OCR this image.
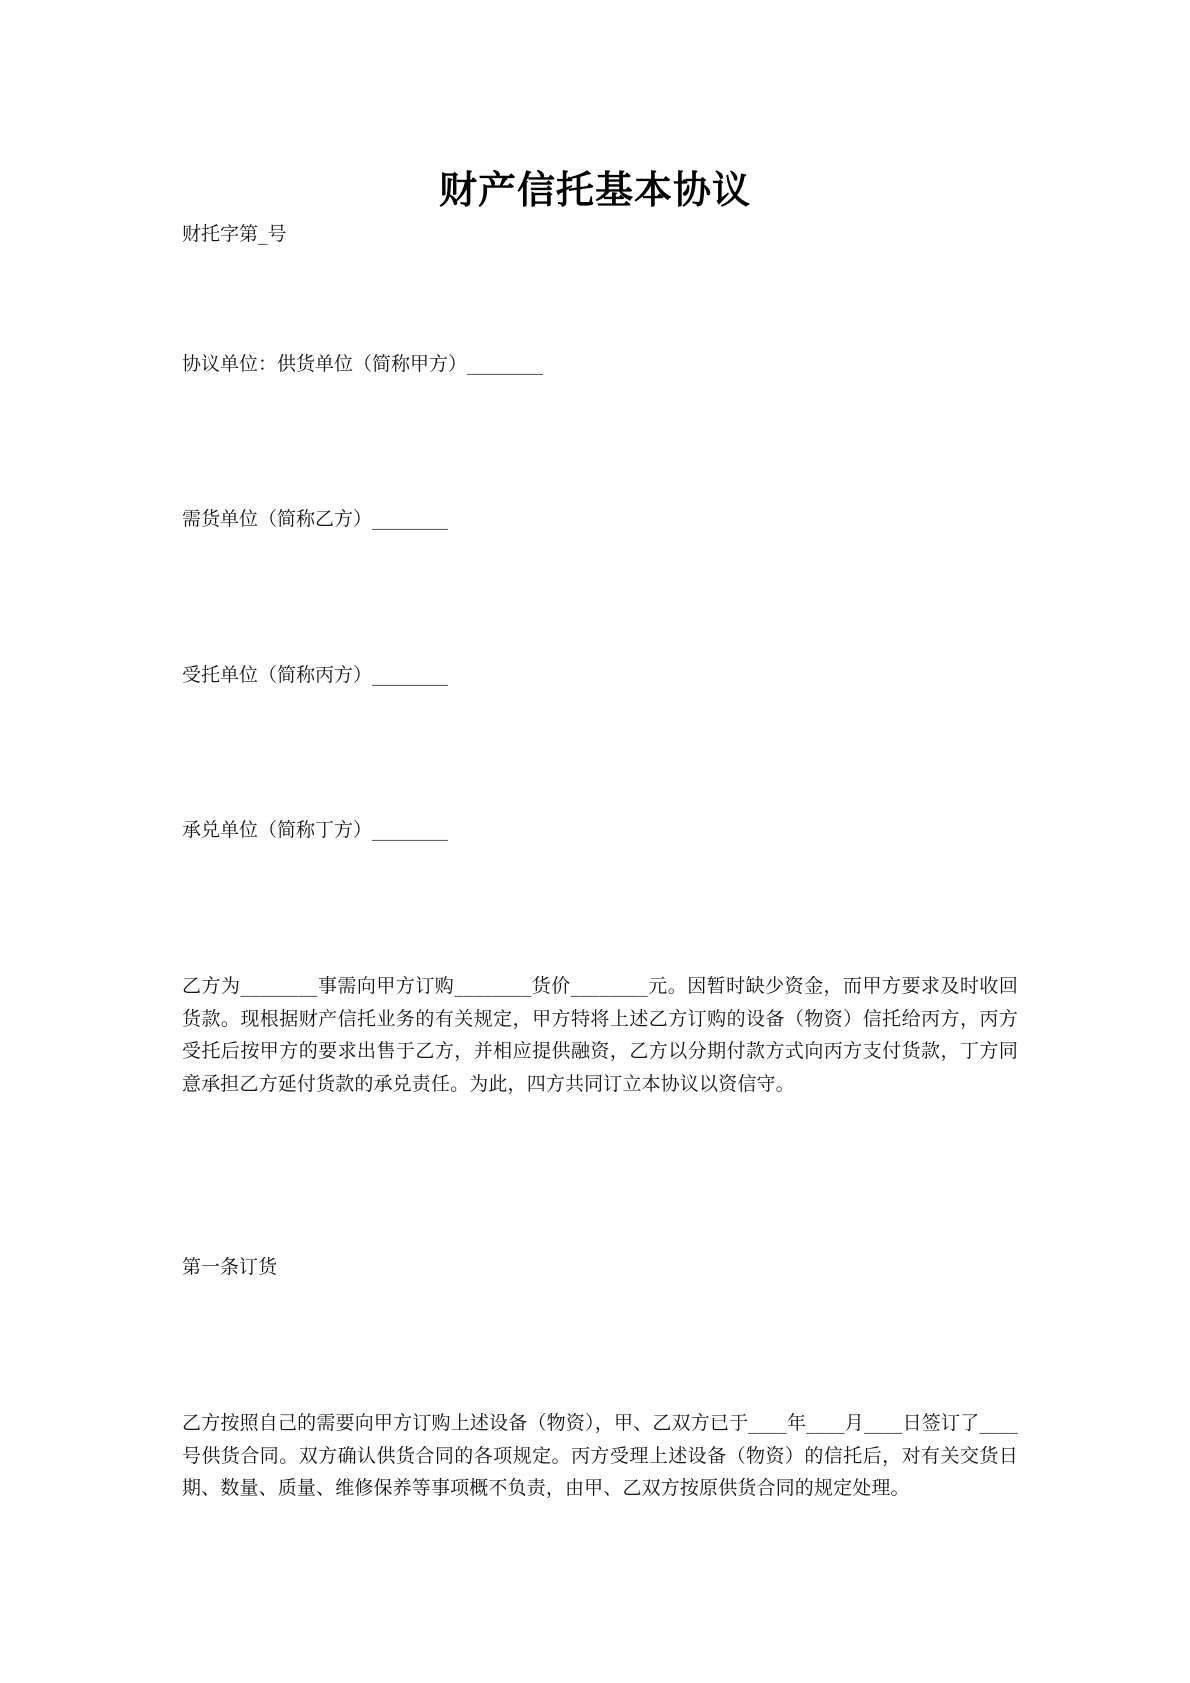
财产信托基本协议
财托字第_号
协议单位：供货单位（简称甲方）________
需货单位（简称乙方）________
受托单位（简称丙方）________
承兑单位（简称丁方）________
乙方为________事需向甲方订购________货价________元。因暂时缺少资金，而甲方要求及时收回货款。现根据财产信托业务的有关规定，甲方特将上述乙方订购的设备（物资）信托给丙方，丙方受托后按甲方的要求出售于乙方，并相应提供融资，乙方以分期付款方式向丙方支付货款，丁方同意承担乙方延付货款的承兑责任。为此，四方共同订立本协议以资信守。
第一条订货
乙方按照自己的需要向甲方订购上述设备（物资），甲、乙双方已于____年____月____日签订了____号供货合同。双方确认供货合同的各项规定。丙方受理上述设备（物资）的信托后，对有关交货日期、数量、质量、维修保养等事项概不负责，由甲、乙双方按原供货合同的规定处理。
